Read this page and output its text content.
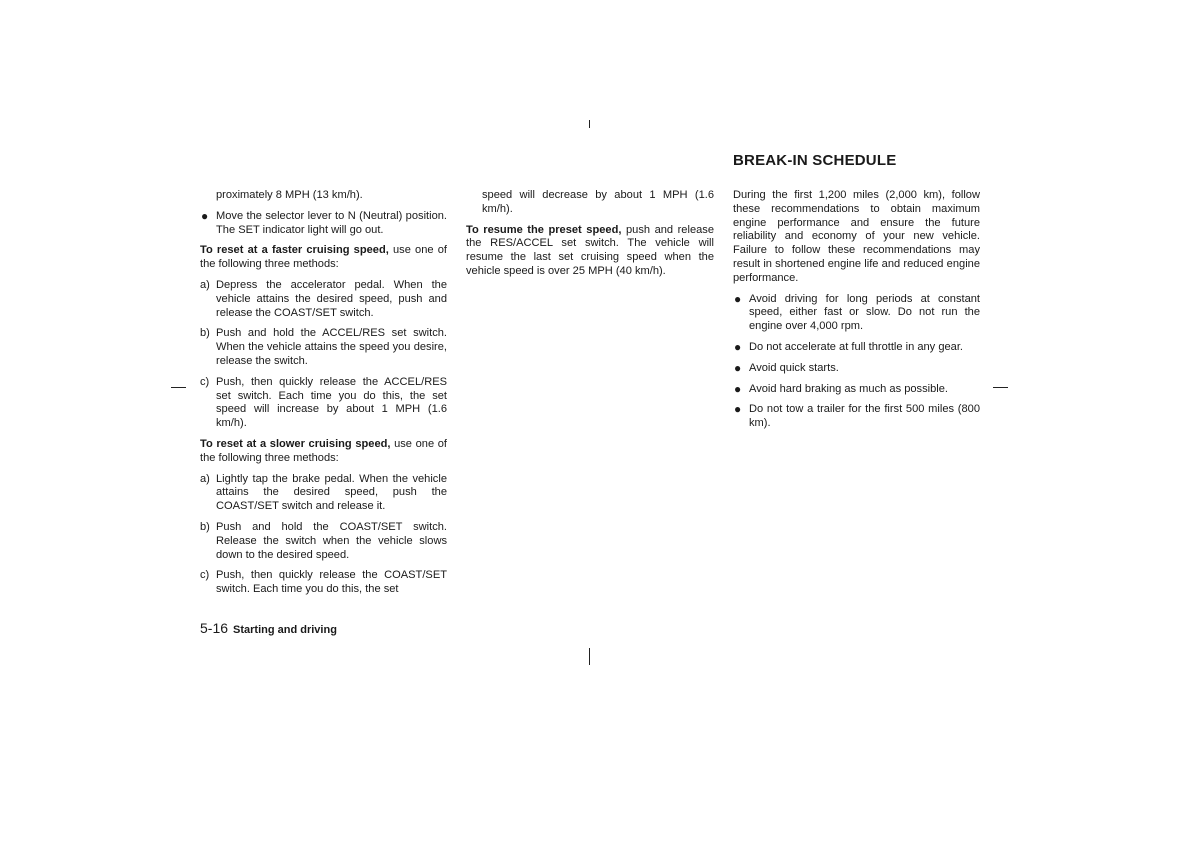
proximately 8 MPH (13 km/h).

● Move the selector lever to N (Neutral) position. The SET indicator light will go out.

To reset at a faster cruising speed, use one of the following three methods:

a) Depress the accelerator pedal. When the vehicle attains the desired speed, push and release the COAST/SET switch.
b) Push and hold the ACCEL/RES set switch. When the vehicle attains the speed you desire, release the switch.
c) Push, then quickly release the ACCEL/RES set switch. Each time you do this, the set speed will increase by about 1 MPH (1.6 km/h).

To reset at a slower cruising speed, use one of the following three methods:

a) Lightly tap the brake pedal. When the vehicle attains the desired speed, push the COAST/SET switch and release it.
b) Push and hold the COAST/SET switch. Release the switch when the vehicle slows down to the desired speed.
c) Push, then quickly release the COAST/SET switch. Each time you do this, the set

speed will decrease by about 1 MPH (1.6 km/h).

To resume the preset speed, push and release the RES/ACCEL set switch. The vehicle will resume the last set cruising speed when the vehicle speed is over 25 MPH (40 km/h).

BREAK-IN SCHEDULE

During the first 1,200 miles (2,000 km), follow these recommendations to obtain maximum engine performance and ensure the future reliability and economy of your new vehicle. Failure to follow these recommendations may result in shortened engine life and reduced engine performance.

● Avoid driving for long periods at constant speed, either fast or slow. Do not run the engine over 4,000 rpm.
● Do not accelerate at full throttle in any gear.
● Avoid quick starts.
● Avoid hard braking as much as possible.
● Do not tow a trailer for the first 500 miles (800 km).
5-16 Starting and driving
